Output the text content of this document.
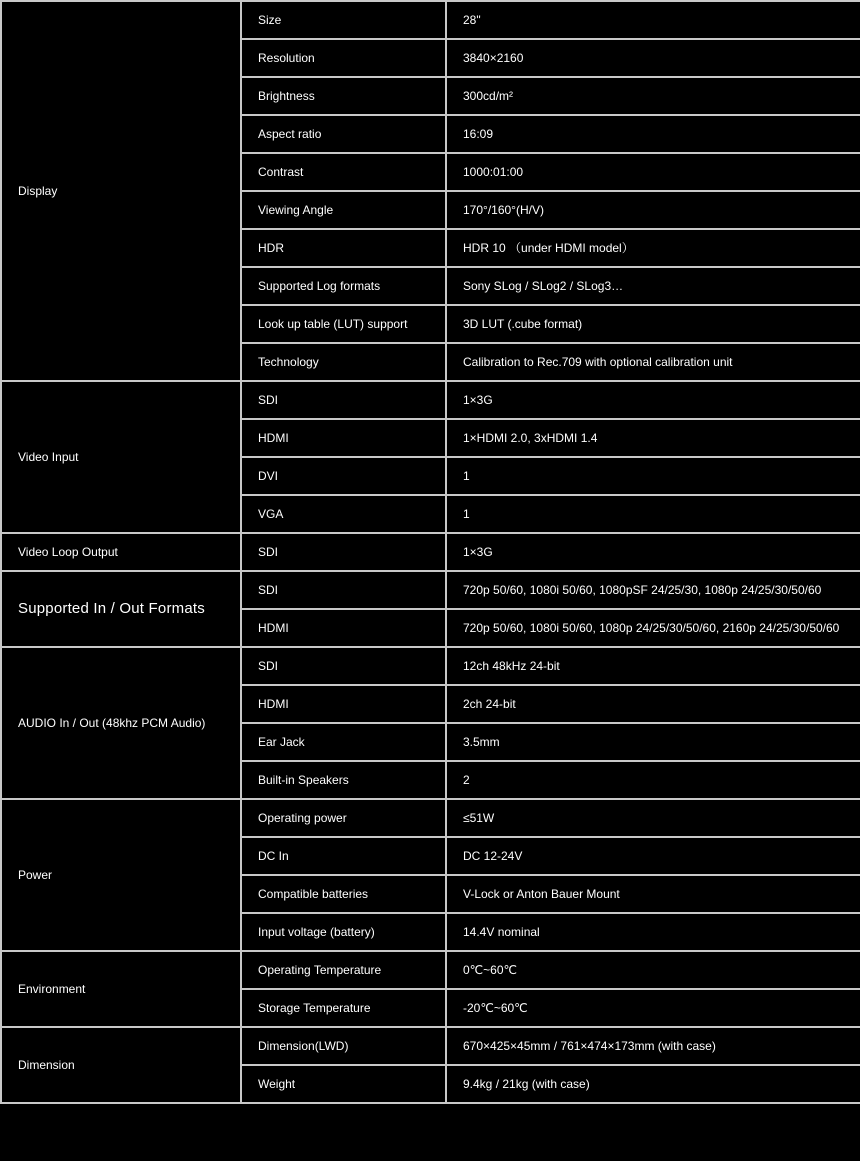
Display	Size	28"
	Resolution	3840×2160
	Brightness	300cd/m²
	Aspect ratio	16:09
	Contrast	1000:01:00
	Viewing Angle	170°/160°(H/V)
	HDR	HDR 10 （under HDMI model）
	Supported Log formats	Sony SLog / SLog2 / SLog3…
	Look up table (LUT) support	3D LUT (.cube format)
	Technology	Calibration to Rec.709 with optional calibration unit
Video Input	SDI	1×3G
	HDMI	1×HDMI 2.0, 3xHDMI 1.4
	DVI	1
	VGA	1
Video Loop Output	SDI	1×3G
Supported In / Out Formats	SDI	720p 50/60, 1080i 50/60, 1080pSF 24/25/30, 1080p 24/25/30/50/60
	HDMI	720p 50/60, 1080i 50/60, 1080p 24/25/30/50/60, 2160p 24/25/30/50/60
AUDIO In / Out (48khz PCM Audio)	SDI	12ch 48kHz 24-bit
	HDMI	2ch 24-bit
	Ear Jack	3.5mm
	Built-in Speakers	2
Power	Operating power	≤51W
	DC In	DC 12-24V
	Compatible batteries	V-Lock or Anton Bauer Mount
	Input voltage (battery)	14.4V nominal
Environment	Operating Temperature	0℃~60℃
	Storage Temperature	-20℃~60℃
Dimension	Dimension(LWD)	670×425×45mm / 761×474×173mm (with case)
	Weight	9.4kg / 21kg (with case)
